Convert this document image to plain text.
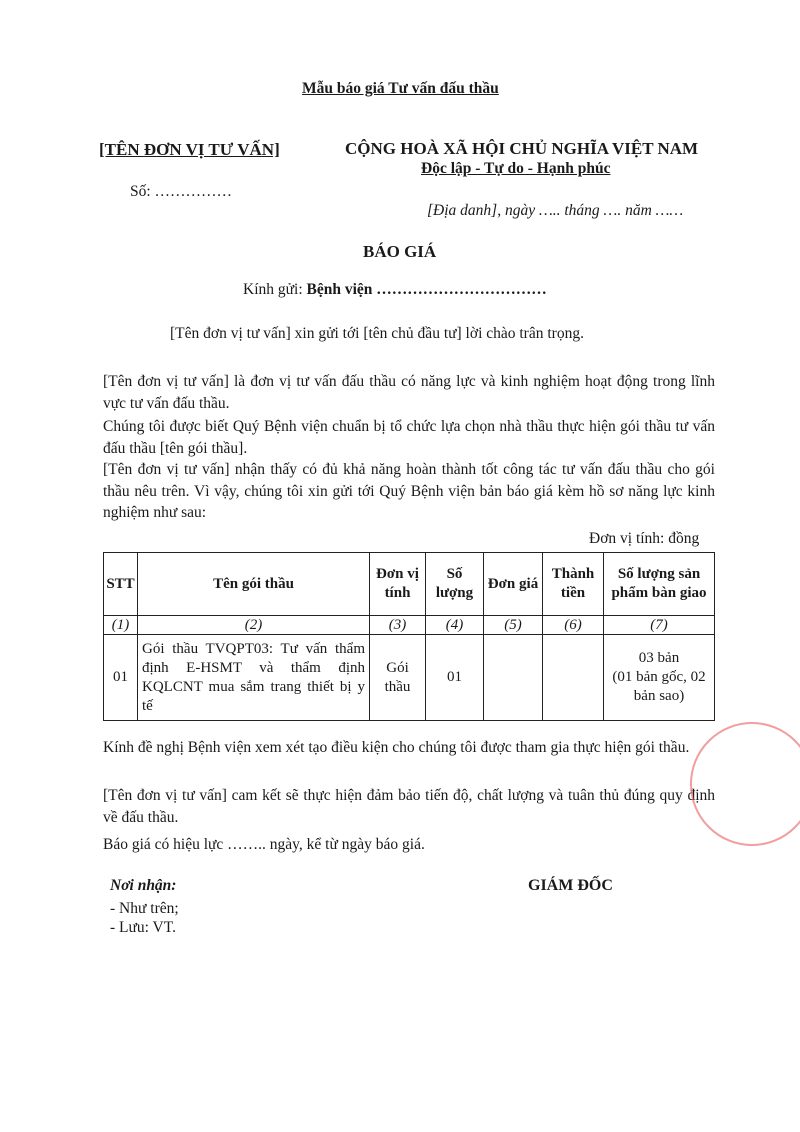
Mẫu báo giá Tư vấn đấu thầu
[TÊN ĐƠN VỊ TƯ VẤN]
Số: ……………
CỘNG HOÀ XÃ HỘI CHỦ NGHĨA VIỆT NAM
Độc lập - Tự do - Hạnh phúc
[Địa danh], ngày ….. tháng …. năm ……
BÁO GIÁ
Kính gửi: Bệnh viện ……………………………
[Tên đơn vị tư vấn] xin gửi tới [tên chủ đầu tư] lời chào trân trọng.
[Tên đơn vị tư vấn] là đơn vị tư vấn đấu thầu có năng lực và kinh nghiệm hoạt động trong lĩnh vực tư vấn đấu thầu.
Chúng tôi được biết Quý Bệnh viện chuẩn bị tổ chức lựa chọn nhà thầu thực hiện gói thầu tư vấn đấu thầu [tên gói thầu].
[Tên đơn vị tư vấn] nhận thấy có đủ khả năng hoàn thành tốt công tác tư vấn đấu thầu cho gói thầu nêu trên. Vì vậy, chúng tôi xin gửi tới Quý Bệnh viện bản báo giá kèm hồ sơ năng lực kinh nghiệm như sau:
Đơn vị tính: đồng
STT	Tên gói thầu	Đơn vị tính	Số lượng	Đơn giá	Thành tiền	Số lượng sản phẩm bàn giao
(1)	(2)	(3)	(4)	(5)	(6)	(7)
01	Gói thầu TVQPT03: Tư vấn thẩm định E-HSMT và thẩm định KQLCNT mua sắm trang thiết bị y tế	Gói thầu	01			03 bản
(01 bản gốc, 02 bản sao)
Kính đề nghị Bệnh viện xem xét tạo điều kiện cho chúng tôi được tham gia thực hiện gói thầu.
[Tên đơn vị tư vấn] cam kết sẽ thực hiện đảm bảo tiến độ, chất lượng và tuân thủ đúng quy định về đấu thầu.
Báo giá có hiệu lực …….. ngày, kể từ ngày báo giá.
Nơi nhận:
- Như trên;
- Lưu: VT.
GIÁM ĐỐC
